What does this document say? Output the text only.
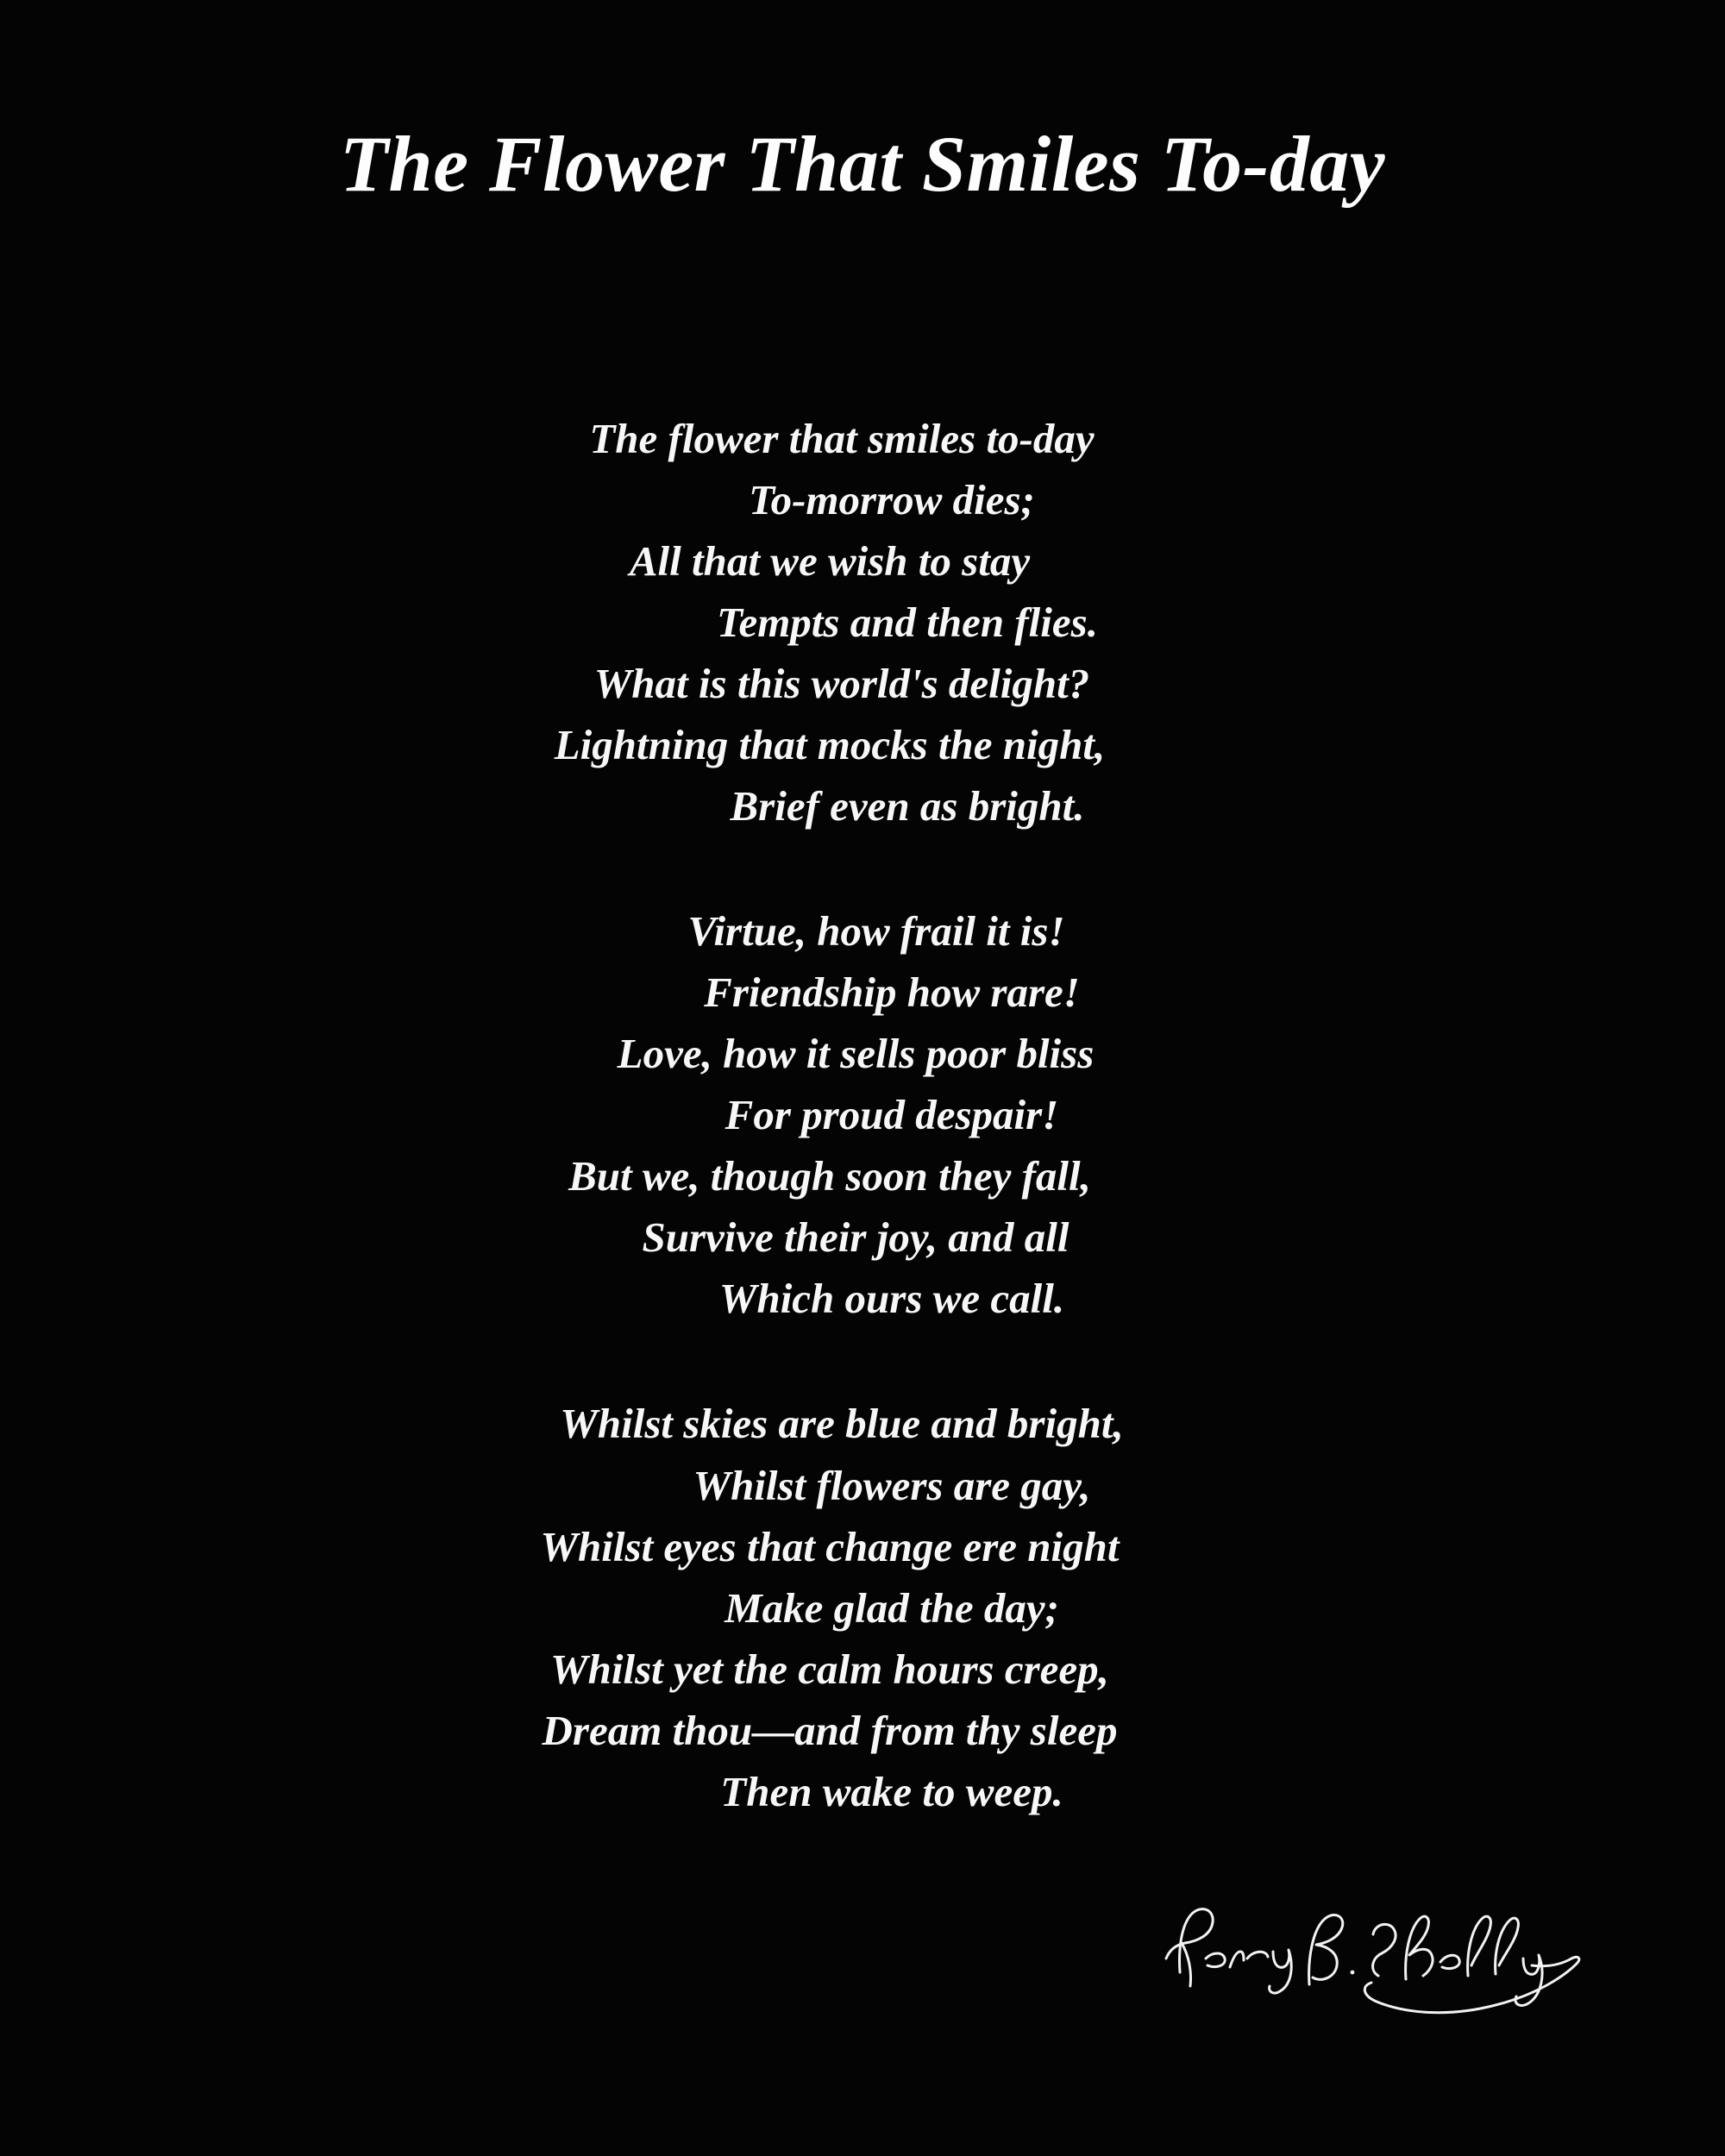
The Flower That Smiles To-day
The flower that smiles to-day
To-morrow dies;
All that we wish to stay
Tempts and then flies.
What is this world's delight?
Lightning that mocks the night,
Brief even as bright.
Virtue, how frail it is!
Friendship how rare!
Love, how it sells poor bliss
For proud despair!
But we, though soon they fall,
Survive their joy, and all
Which ours we call.
Whilst skies are blue and bright,
Whilst flowers are gay,
Whilst eyes that change ere night
Make glad the day;
Whilst yet the calm hours creep,
Dream thou—and from thy sleep
Then wake to weep.
